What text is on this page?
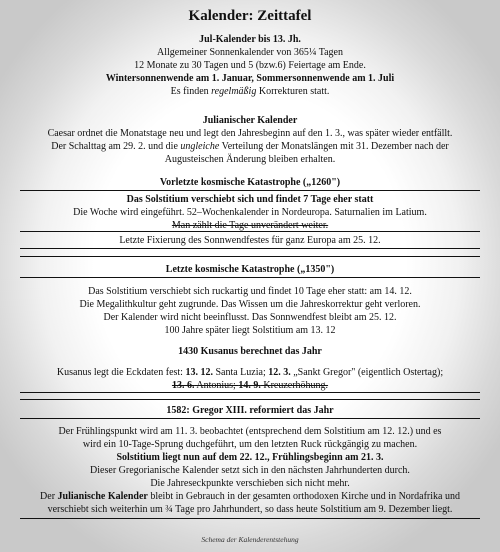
Kalender: Zeittafel
Jul-Kalender bis 13. Jh.
Allgemeiner Sonnenkalender von 365¼ Tagen
12 Monate zu 30 Tagen und 5 (bzw.6) Feiertage am Ende.
Wintersonnenwende am 1. Januar, Sommersonnenwende am 1. Juli
Es finden regelmäßig Korrekturen statt.
Julianischer Kalender
Caesar ordnet die Monatstage neu und legt den Jahresbeginn auf den 1. 3., was später wieder entfällt.
Der Schalttag am 29. 2. und die ungleiche Verteilung der Monatslängen mit 31. Dezember nach der
Augusteischen Änderung bleiben erhalten.
Vorletzte kosmische Katastrophe („1260")
Das Solstitium verschiebt sich und findet 7 Tage eher statt
Die Woche wird eingeführt. 52–Wochenkalender in Nordeuropa. Saturnalien im Latium.
Man zählt die Tage unverändert weiter.
Letzte Fixierung des Sonnwendfestes für ganz Europa am 25. 12.
Letzte kosmische Katastrophe („1350")
Das Solstitium verschiebt sich ruckartig und findet 10 Tage eher statt: am 14. 12.
Die Megalithkultur geht zugrunde. Das Wissen um die Jahreskorrektur geht verloren.
Der Kalender wird nicht beeinflusst. Das Sonnwendfest bleibt am 25. 12.
100 Jahre später liegt Solstitium am 13. 12
1430 Kusanus berechnet das Jahr
Kusanus legt die Eckdaten fest: 13. 12. Santa Luzia; 12. 3. „Sankt Gregor" (eigentlich Ostertag);
13. 6. Antonius; 14. 9. Kreuzerhöhung.
1582: Gregor XIII. reformiert das Jahr
Der Frühlingspunkt wird am 11. 3. beobachtet (entsprechend dem Solstitium am 12. 12.) und es
wird ein 10-Tage-Sprung duchgeführt, um den letzten Ruck rückgängig zu machen.
Solstitium liegt nun auf dem 22. 12., Frühlingsbeginn am 21. 3.
Dieser Gregorianische Kalender setzt sich in den nächsten Jahrhunderten durch.
Die Jahreseckpunkte verschieben sich nicht mehr.
Der Julianische Kalender bleibt in Gebrauch in der gesamten orthodoxen Kirche und in Nordafrika und
verschiebt sich weiterhin um ¾ Tage pro Jahrhundert, so dass heute Solstitium am 9. Dezember liegt.
Schema der Kalenderentstehung
